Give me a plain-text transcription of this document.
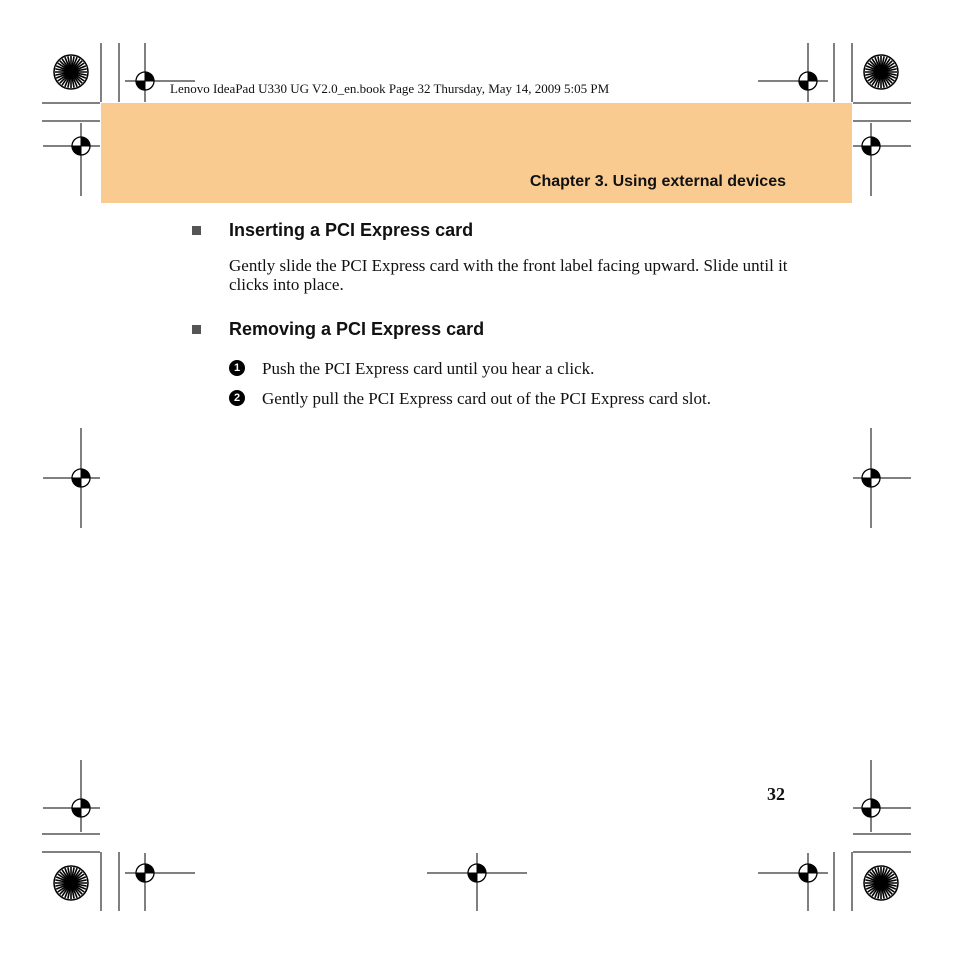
Lenovo IdeaPad U330 UG V2.0_en.book Page 32 Thursday, May 14, 2009 5:05 PM
Chapter 3. Using external devices
Inserting a PCI Express card
Gently slide the PCI Express card with the front label facing upward. Slide until it clicks into place.
Removing a PCI Express card
1 Push the PCI Express card until you hear a click.
2 Gently pull the PCI Express card out of the PCI Express card slot.
32
